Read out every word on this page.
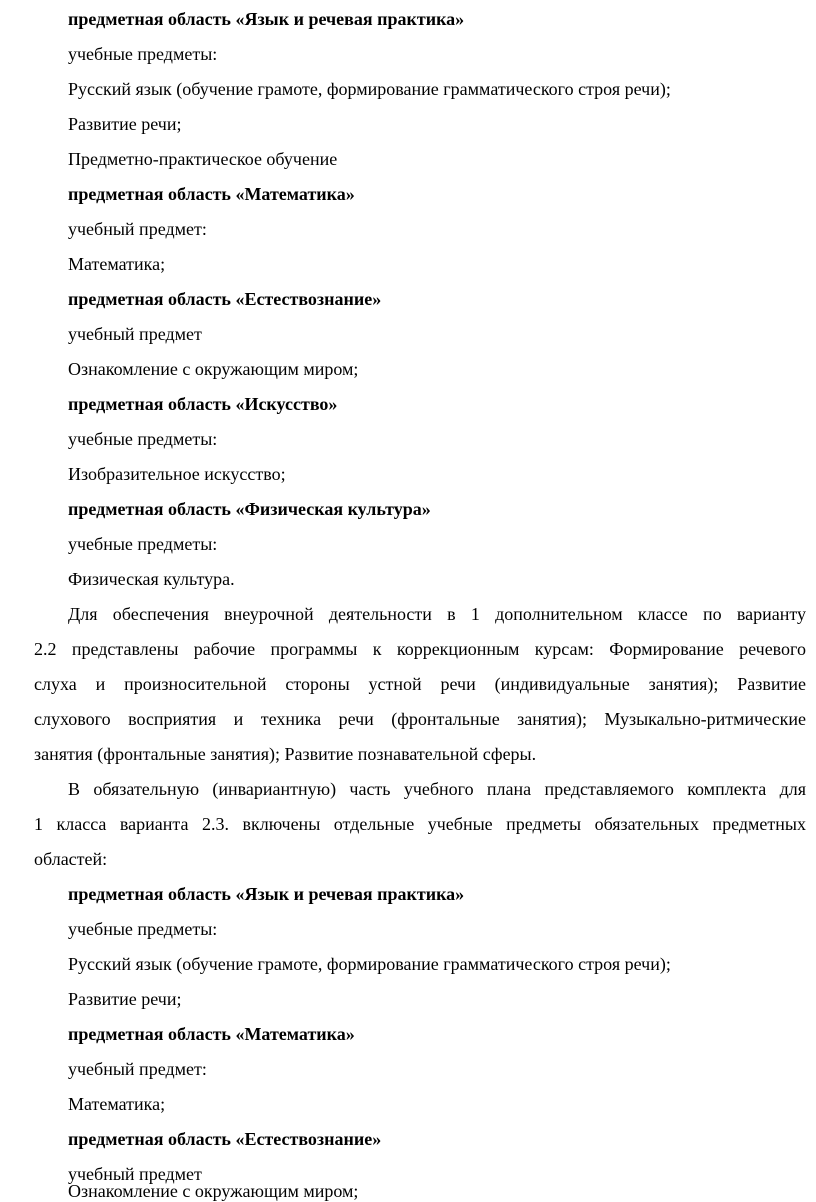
предметная область «Язык и речевая практика»
учебные предметы:
Русский язык (обучение грамоте, формирование грамматического строя речи);
Развитие речи;
Предметно-практическое обучение
предметная область «Математика»
учебный предмет:
Математика;
предметная область «Естествознание»
учебный предмет
Ознакомление с окружающим миром;
предметная область «Искусство»
учебные предметы:
Изобразительное искусство;
предметная область «Физическая культура»
учебные предметы:
Физическая культура.
Для обеспечения внеурочной деятельности в 1 дополнительном классе по варианту
2.2 представлены рабочие программы к коррекционным курсам: Формирование речевого
слуха и произносительной стороны устной речи (индивидуальные занятия); Развитие
слухового восприятия и техника речи (фронтальные занятия); Музыкально-ритмические
занятия (фронтальные занятия); Развитие познавательной сферы.
В обязательную (инвариантную) часть учебного плана представляемого комплекта для
1 класса варианта 2.3. включены отдельные учебные предметы обязательных предметных
областей:
предметная область «Язык и речевая практика»
учебные предметы:
Русский язык (обучение грамоте, формирование грамматического строя речи);
Развитие речи;
предметная область «Математика»
учебный предмет:
Математика;
предметная область «Естествознание»
учебный предмет
Ознакомление с окружающим миром;
